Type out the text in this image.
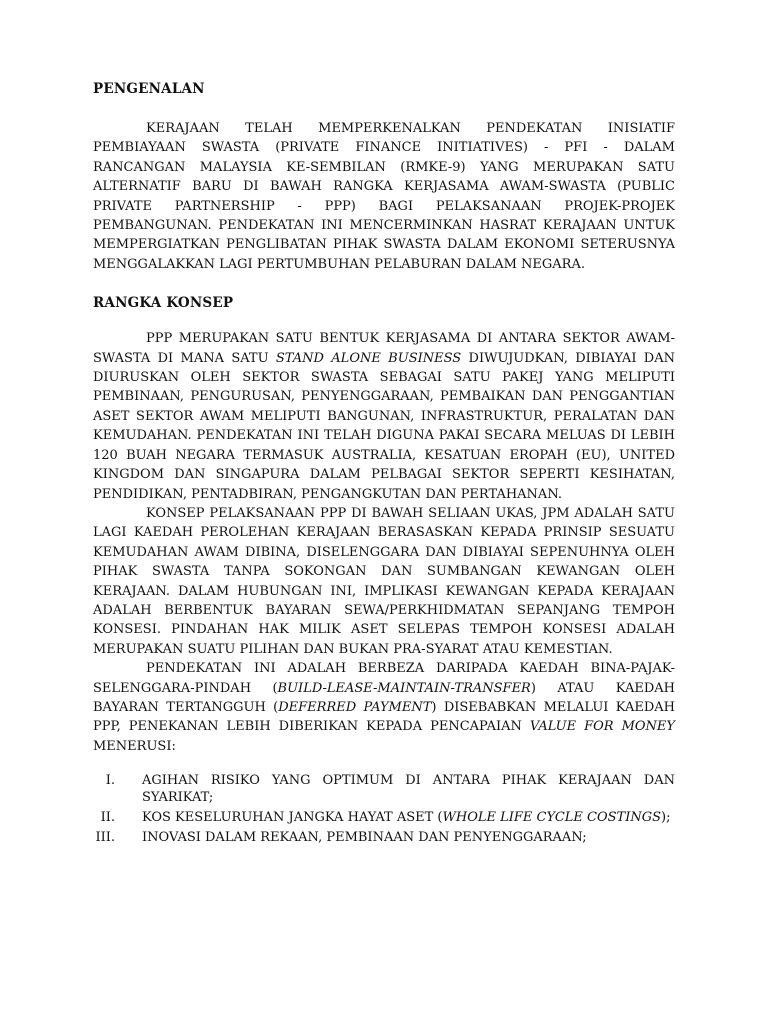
PENGENALAN

KERAJAAN TELAH MEMPERKENALKAN PENDEKATAN INISIATIF PEMBIAYAAN SWASTA (PRIVATE FINANCE INITIATIVES) - PFI - DALAM RANCANGAN MALAYSIA KE-SEMBILAN (RMKE-9) YANG MERUPAKAN SATU ALTERNATIF BARU DI BAWAH RANGKA KERJASAMA AWAM-SWASTA (PUBLIC PRIVATE PARTNERSHIP - PPP) BAGI PELAKSANAAN PROJEK-PROJEK PEMBANGUNAN. PENDEKATAN INI MENCERMINKAN HASRAT KERAJAAN UNTUK MEMPERGIATKAN PENGLIBATAN PIHAK SWASTA DALAM EKONOMI SETERUSNYA MENGGALAKKAN LAGI PERTUMBUHAN PELABURAN DALAM NEGARA.

RANGKA KONSEP

PPP MERUPAKAN SATU BENTUK KERJASAMA DI ANTARA SEKTOR AWAM-SWASTA DI MANA SATU STAND ALONE BUSINESS DIWUJUDKAN, DIBIAYAI DAN DIURUSKAN OLEH SEKTOR SWASTA SEBAGAI SATU PAKEJ YANG MELIPUTI PEMBINAAN, PENGURUSAN, PENYENGGARAAN, PEMBAIKAN DAN PENGGANTIAN ASET SEKTOR AWAM MELIPUTI BANGUNAN, INFRASTRUKTUR, PERALATAN DAN KEMUDAHAN. PENDEKATAN INI TELAH DIGUNA PAKAI SECARA MELUAS DI LEBIH 120 BUAH NEGARA TERMASUK AUSTRALIA, KESATUAN EROPAH (EU), UNITED KINGDOM DAN SINGAPURA DALAM PELBAGAI SEKTOR SEPERTI KESIHATAN, PENDIDIKAN, PENTADBIRAN, PENGANGKUTAN DAN PERTAHANAN.

KONSEP PELAKSANAAN PPP DI BAWAH SELIAAN UKAS, JPM ADALAH SATU LAGI KAEDAH PEROLEHAN KERAJAAN BERASASKAN KEPADA PRINSIP SESUATU KEMUDAHAN AWAM DIBINA, DISELENGGARA DAN DIBIAYAI SEPENUHNYA OLEH PIHAK SWASTA TANPA SOKONGAN DAN SUMBANGAN KEWANGAN OLEH KERAJAAN. DALAM HUBUNGAN INI, IMPLIKASI KEWANGAN KEPADA KERAJAAN ADALAH BERBENTUK BAYARAN SEWA/PERKHIDMATAN SEPANJANG TEMPOH KONSESI. PINDAHAN HAK MILIK ASET SELEPAS TEMPOH KONSESI ADALAH MERUPAKAN SUATU PILIHAN DAN BUKAN PRA-SYARAT ATAU KEMESTIAN.

PENDEKATAN INI ADALAH BERBEZA DARIPADA KAEDAH BINA-PAJAK-SELENGGARA-PINDAH (BUILD-LEASE-MAINTAIN-TRANSFER) ATAU KAEDAH BAYARAN TERTANGGUH (DEFERRED PAYMENT) DISEBABKAN MELALUI KAEDAH PPP, PENEKANAN LEBIH DIBERIKAN KEPADA PENCAPAIAN VALUE FOR MONEY MENERUSI:

I. AGIHAN RISIKO YANG OPTIMUM DI ANTARA PIHAK KERAJAAN DAN SYARIKAT;
II. KOS KESELURUHAN JANGKA HAYAT ASET (WHOLE LIFE CYCLE COSTINGS);
III. INOVASI DALAM REKAAN, PEMBINAAN DAN PENYENGGARAAN;
